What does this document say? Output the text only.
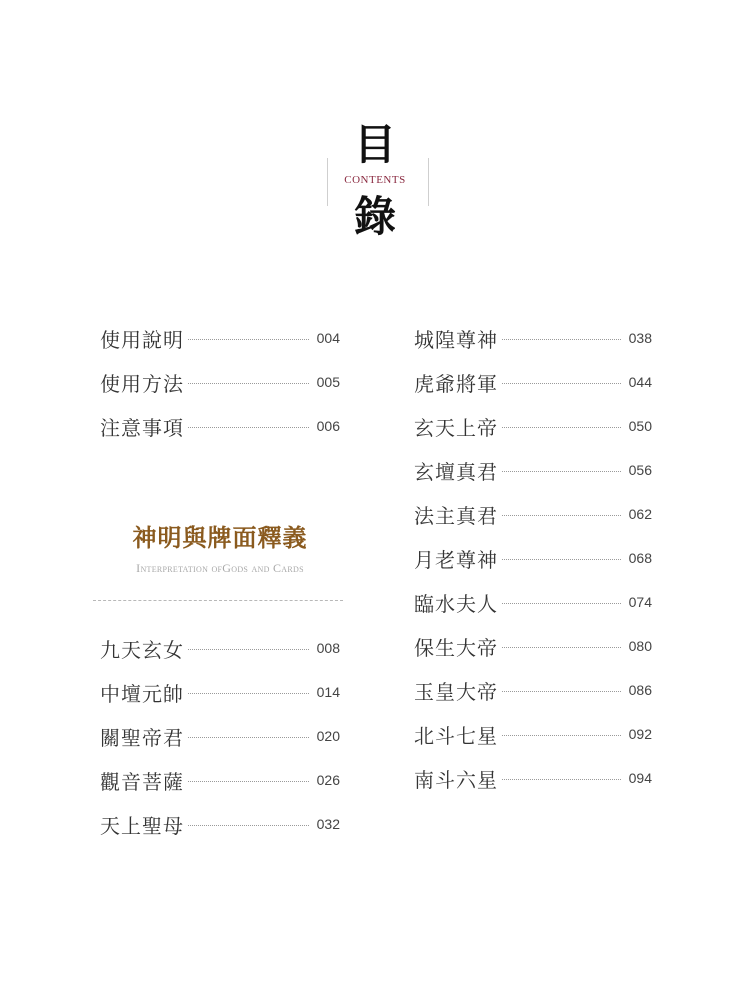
目
CONTENTS
錄
使用說明	004
使用方法	005
注意事項	006
神明與牌面釋義
Interpretation ofGods and Cards
九天玄女	008
中壇元帥	014
關聖帝君	020
觀音菩薩	026
天上聖母	032
城隍尊神	038
虎爺將軍	044
玄天上帝	050
玄壇真君	056
法主真君	062
月老尊神	068
臨水夫人	074
保生大帝	080
玉皇大帝	086
北斗七星	092
南斗六星	094
